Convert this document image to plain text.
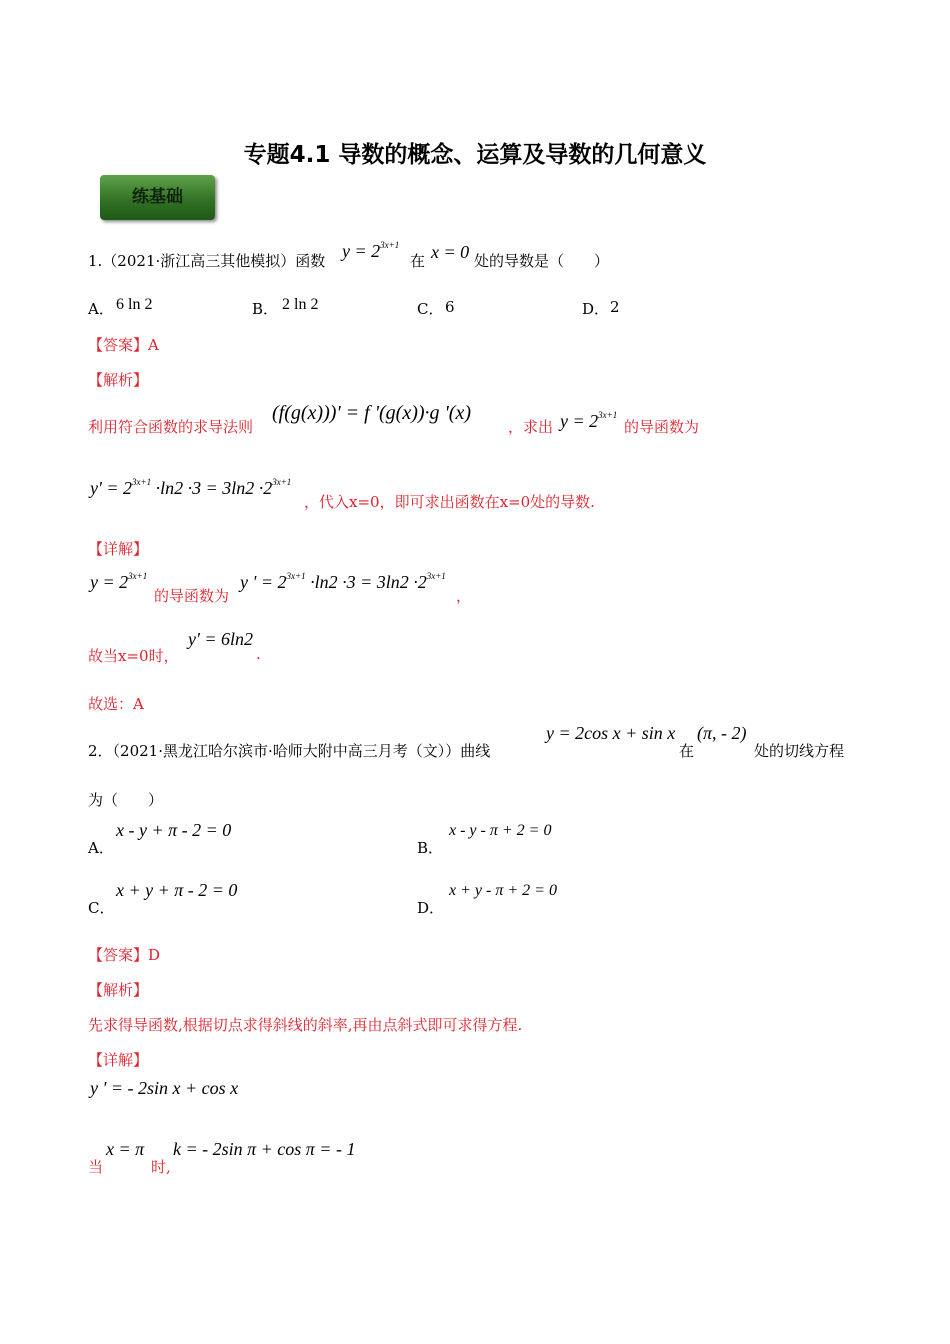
专题4.1 导数的概念、运算及导数的几何意义
练基础
1.（2021·浙江高三其他模拟）函数 $y = 2^{3x+1}$
在 x = 0 处的导数是（　　）
A． 6 ln 2	B． 2 ln 2	C． 6	D． 2
【答案】A
【解析】
利用符合函数的求导法则
(f(g(x)))' = f '(g(x))·g '(x)
，求出 $y = 2^{3x+1}$
的导函数为
$y' = 2^{3x+1} \cdot\ln 2 \cdot 3 = 3\ln 2 \cdot 2^{3x+1}$
，代入x=0，即可求出函数在x=0处的导数.
【详解】
$y = 2^{3x+1}$
的导函数为
y ' = $2^{3x+1} \cdot\ln 2 \cdot 3 = 3\ln 2 \cdot 2^{3x+1}$
，
故当x=0时，
y' = 6ln2
.
故选：A
2．（2021·黑龙江哈尔滨市·哈师大附中高三月考（文））曲线
y = 2cos x + sin x
在
(π, - 2)
处的切线方程
为（　　）
A．
x - y + π - 2 = 0
B．
x - y - π + 2 = 0
C．
x + y + π - 2 = 0
D．
x + y - π + 2 = 0
【答案】D
【解析】
先求得导函数,根据切点求得斜线的斜率,再由点斜式即可求得方程.
【详解】
y ' = - 2sin x + cos x
当
x = π
时,
k = - 2sin π + cos π = - 1
